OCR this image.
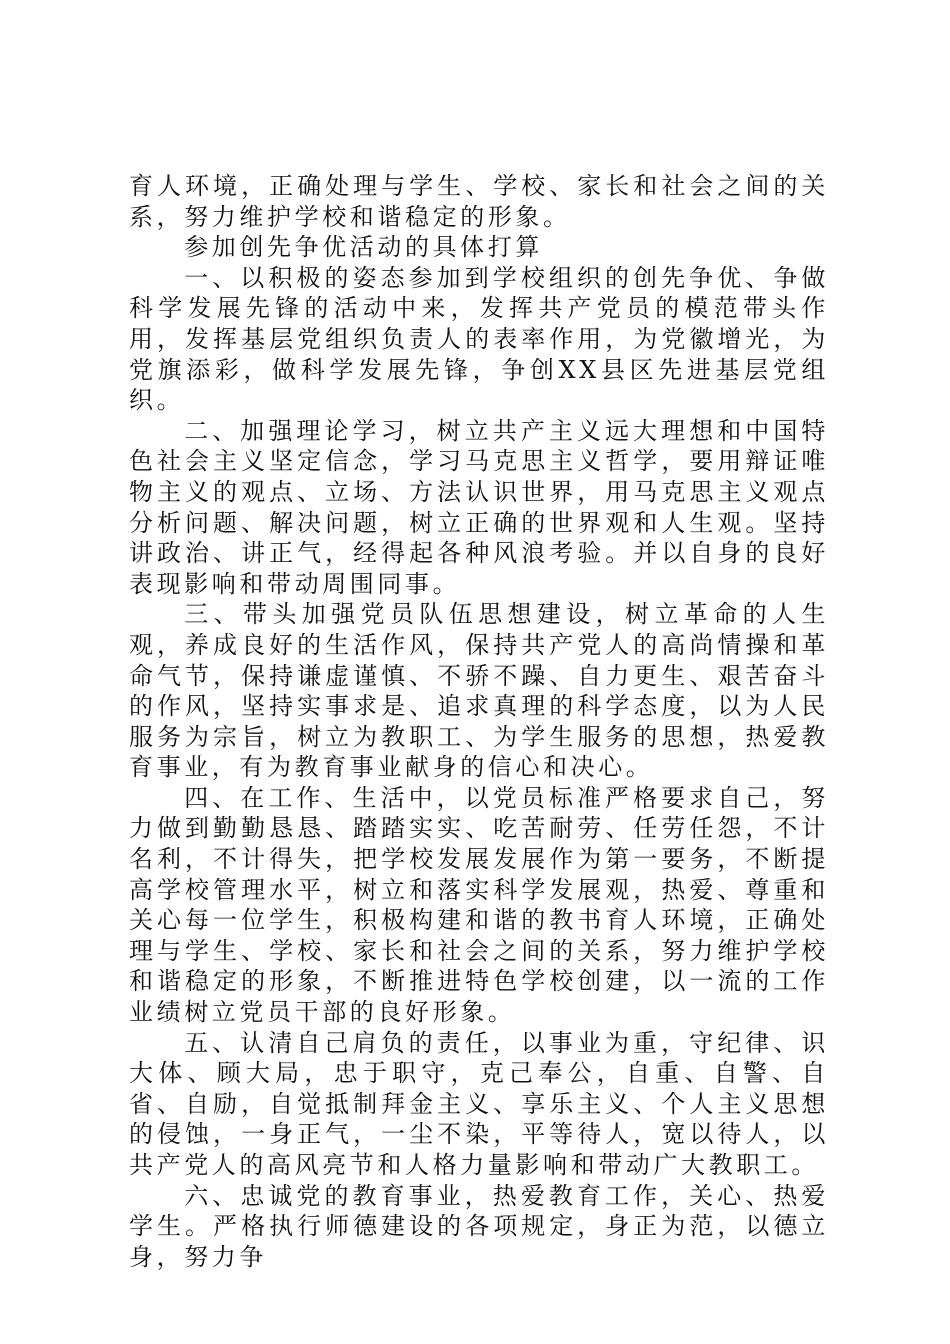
育人环境，正确处理与学生、学校、家长和社会之间的关系，努力维护学校和谐稳定的形象。

参加创先争优活动的具体打算

一、以积极的姿态参加到学校组织的创先争优、争做科学发展先锋的活动中来，发挥共产党员的模范带头作用，发挥基层党组织负责人的表率作用，为党徽增光，为党旗添彩，做科学发展先锋，争创XX县区先进基层党组织。

二、加强理论学习，树立共产主义远大理想和中国特色社会主义坚定信念，学习马克思主义哲学，要用辩证唯物主义的观点、立场、方法认识世界，用马克思主义观点分析问题、解决问题，树立正确的世界观和人生观。坚持讲政治、讲正气，经得起各种风浪考验。并以自身的良好表现影响和带动周围同事。

三、带头加强党员队伍思想建设，树立革命的人生观，养成良好的生活作风，保持共产党人的高尚情操和革命气节，保持谦虚谨慎、不骄不躁、自力更生、艰苦奋斗的作风，坚持实事求是、追求真理的科学态度，以为人民服务为宗旨，树立为教职工、为学生服务的思想，热爱教育事业，有为教育事业献身的信心和决心。

四、在工作、生活中，以党员标准严格要求自己，努力做到勤勤恳恳、踏踏实实、吃苦耐劳、任劳任怨，不计名利，不计得失，把学校发展发展作为第一要务，不断提高学校管理水平，树立和落实科学发展观，热爱、尊重和关心每一位学生，积极构建和谐的教书育人环境，正确处理与学生、学校、家长和社会之间的关系，努力维护学校和谐稳定的形象，不断推进特色学校创建，以一流的工作业绩树立党员干部的良好形象。

五、认清自己肩负的责任，以事业为重，守纪律、识大体、顾大局，忠于职守，克己奉公，自重、自警、自省、自励，自觉抵制拜金主义、享乐主义、个人主义思想的侵蚀，一身正气，一尘不染，平等待人，宽以待人，以共产党人的高风亮节和人格力量影响和带动广大教职工。

六、忠诚党的教育事业，热爱教育工作，关心、热爱学生。严格执行师德建设的各项规定，身正为范，以德立身，努力争
